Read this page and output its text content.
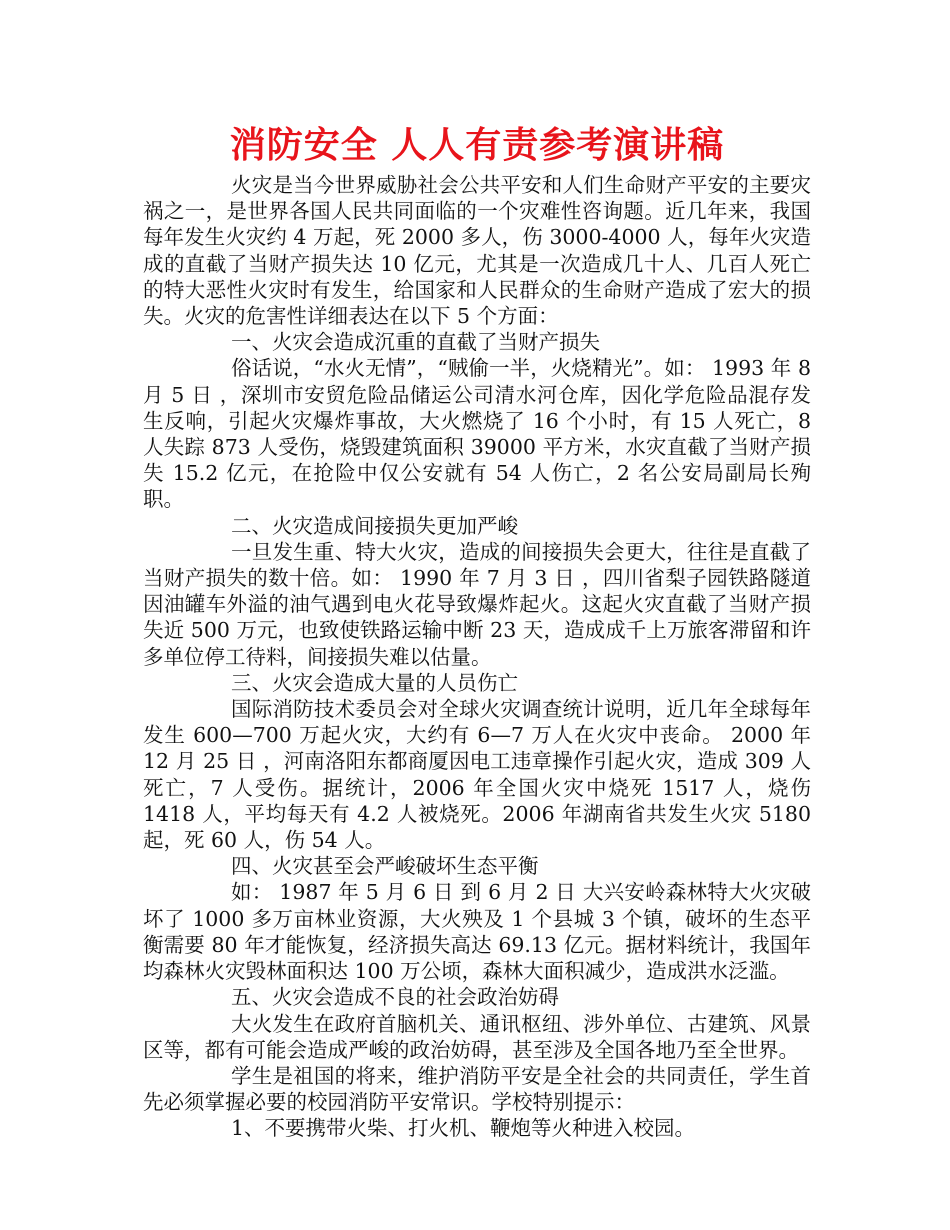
消防安全 人人有责参考演讲稿

火灾是当今世界威胁社会公共平安和人们生命财产平安的主要灾祸之一，是世界各国人民共同面临的一个灾难性咨询题。近几年来，我国每年发生火灾约 4 万起，死 2000 多人，伤 3000-4000 人，每年火灾造成的直截了当财产损失达 10 亿元，尤其是一次造成几十人、几百人死亡的特大恶性火灾时有发生，给国家和人民群众的生命财产造成了宏大的损失。火灾的危害性详细表达在以下 5 个方面：

一、火灾会造成沉重的直截了当财产损失

俗话说，“水火无情”，“贼偷一半，火烧精光”。如： 1993 年 8 月 5 日 ，深圳市安贸危险品储运公司清水河仓库，因化学危险品混存发生反响，引起火灾爆炸事故，大火燃烧了 16 个小时，有 15 人死亡，8 人失踪 873 人受伤，烧毁建筑面积 39000 平方米，水灾直截了当财产损失 15.2 亿元，在抢险中仅公安就有 54 人伤亡，2 名公安局副局长殉职。

二、火灾造成间接损失更加严峻

一旦发生重、特大火灾，造成的间接损失会更大，往往是直截了当财产损失的数十倍。如： 1990 年 7 月 3 日 ，四川省梨子园铁路隧道因油罐车外溢的油气遇到电火花导致爆炸起火。这起火灾直截了当财产损失近 500 万元，也致使铁路运输中断 23 天，造成成千上万旅客滞留和许多单位停工待料，间接损失难以估量。

三、火灾会造成大量的人员伤亡

国际消防技术委员会对全球火灾调查统计说明，近几年全球每年发生 600—700 万起火灾，大约有 6—7 万人在火灾中丧命。 2000 年 12 月 25 日 ，河南洛阳东都商厦因电工违章操作引起火灾，造成 309 人死亡，7 人受伤。据统计，2006 年全国火灾中烧死 1517 人，烧伤 1418 人，平均每天有 4.2 人被烧死。2006 年湖南省共发生火灾 5180 起，死 60 人，伤 54 人。

四、火灾甚至会严峻破坏生态平衡

如： 1987 年 5 月 6 日 到 6 月 2 日 大兴安岭森林特大火灾破坏了 1000 多万亩林业资源，大火殃及 1 个县城 3 个镇，破坏的生态平衡需要 80 年才能恢复，经济损失高达 69.13 亿元。据材料统计，我国年均森林火灾毁林面积达 100 万公顷，森林大面积减少，造成洪水泛滥。

五、火灾会造成不良的社会政治妨碍

大火发生在政府首脑机关、通讯枢纽、涉外单位、古建筑、风景区等，都有可能会造成严峻的政治妨碍，甚至涉及全国各地乃至全世界。

学生是祖国的将来，维护消防平安是全社会的共同责任，学生首先必须掌握必要的校园消防平安常识。学校特别提示：

1、不要携带火柴、打火机、鞭炮等火种进入校园。
